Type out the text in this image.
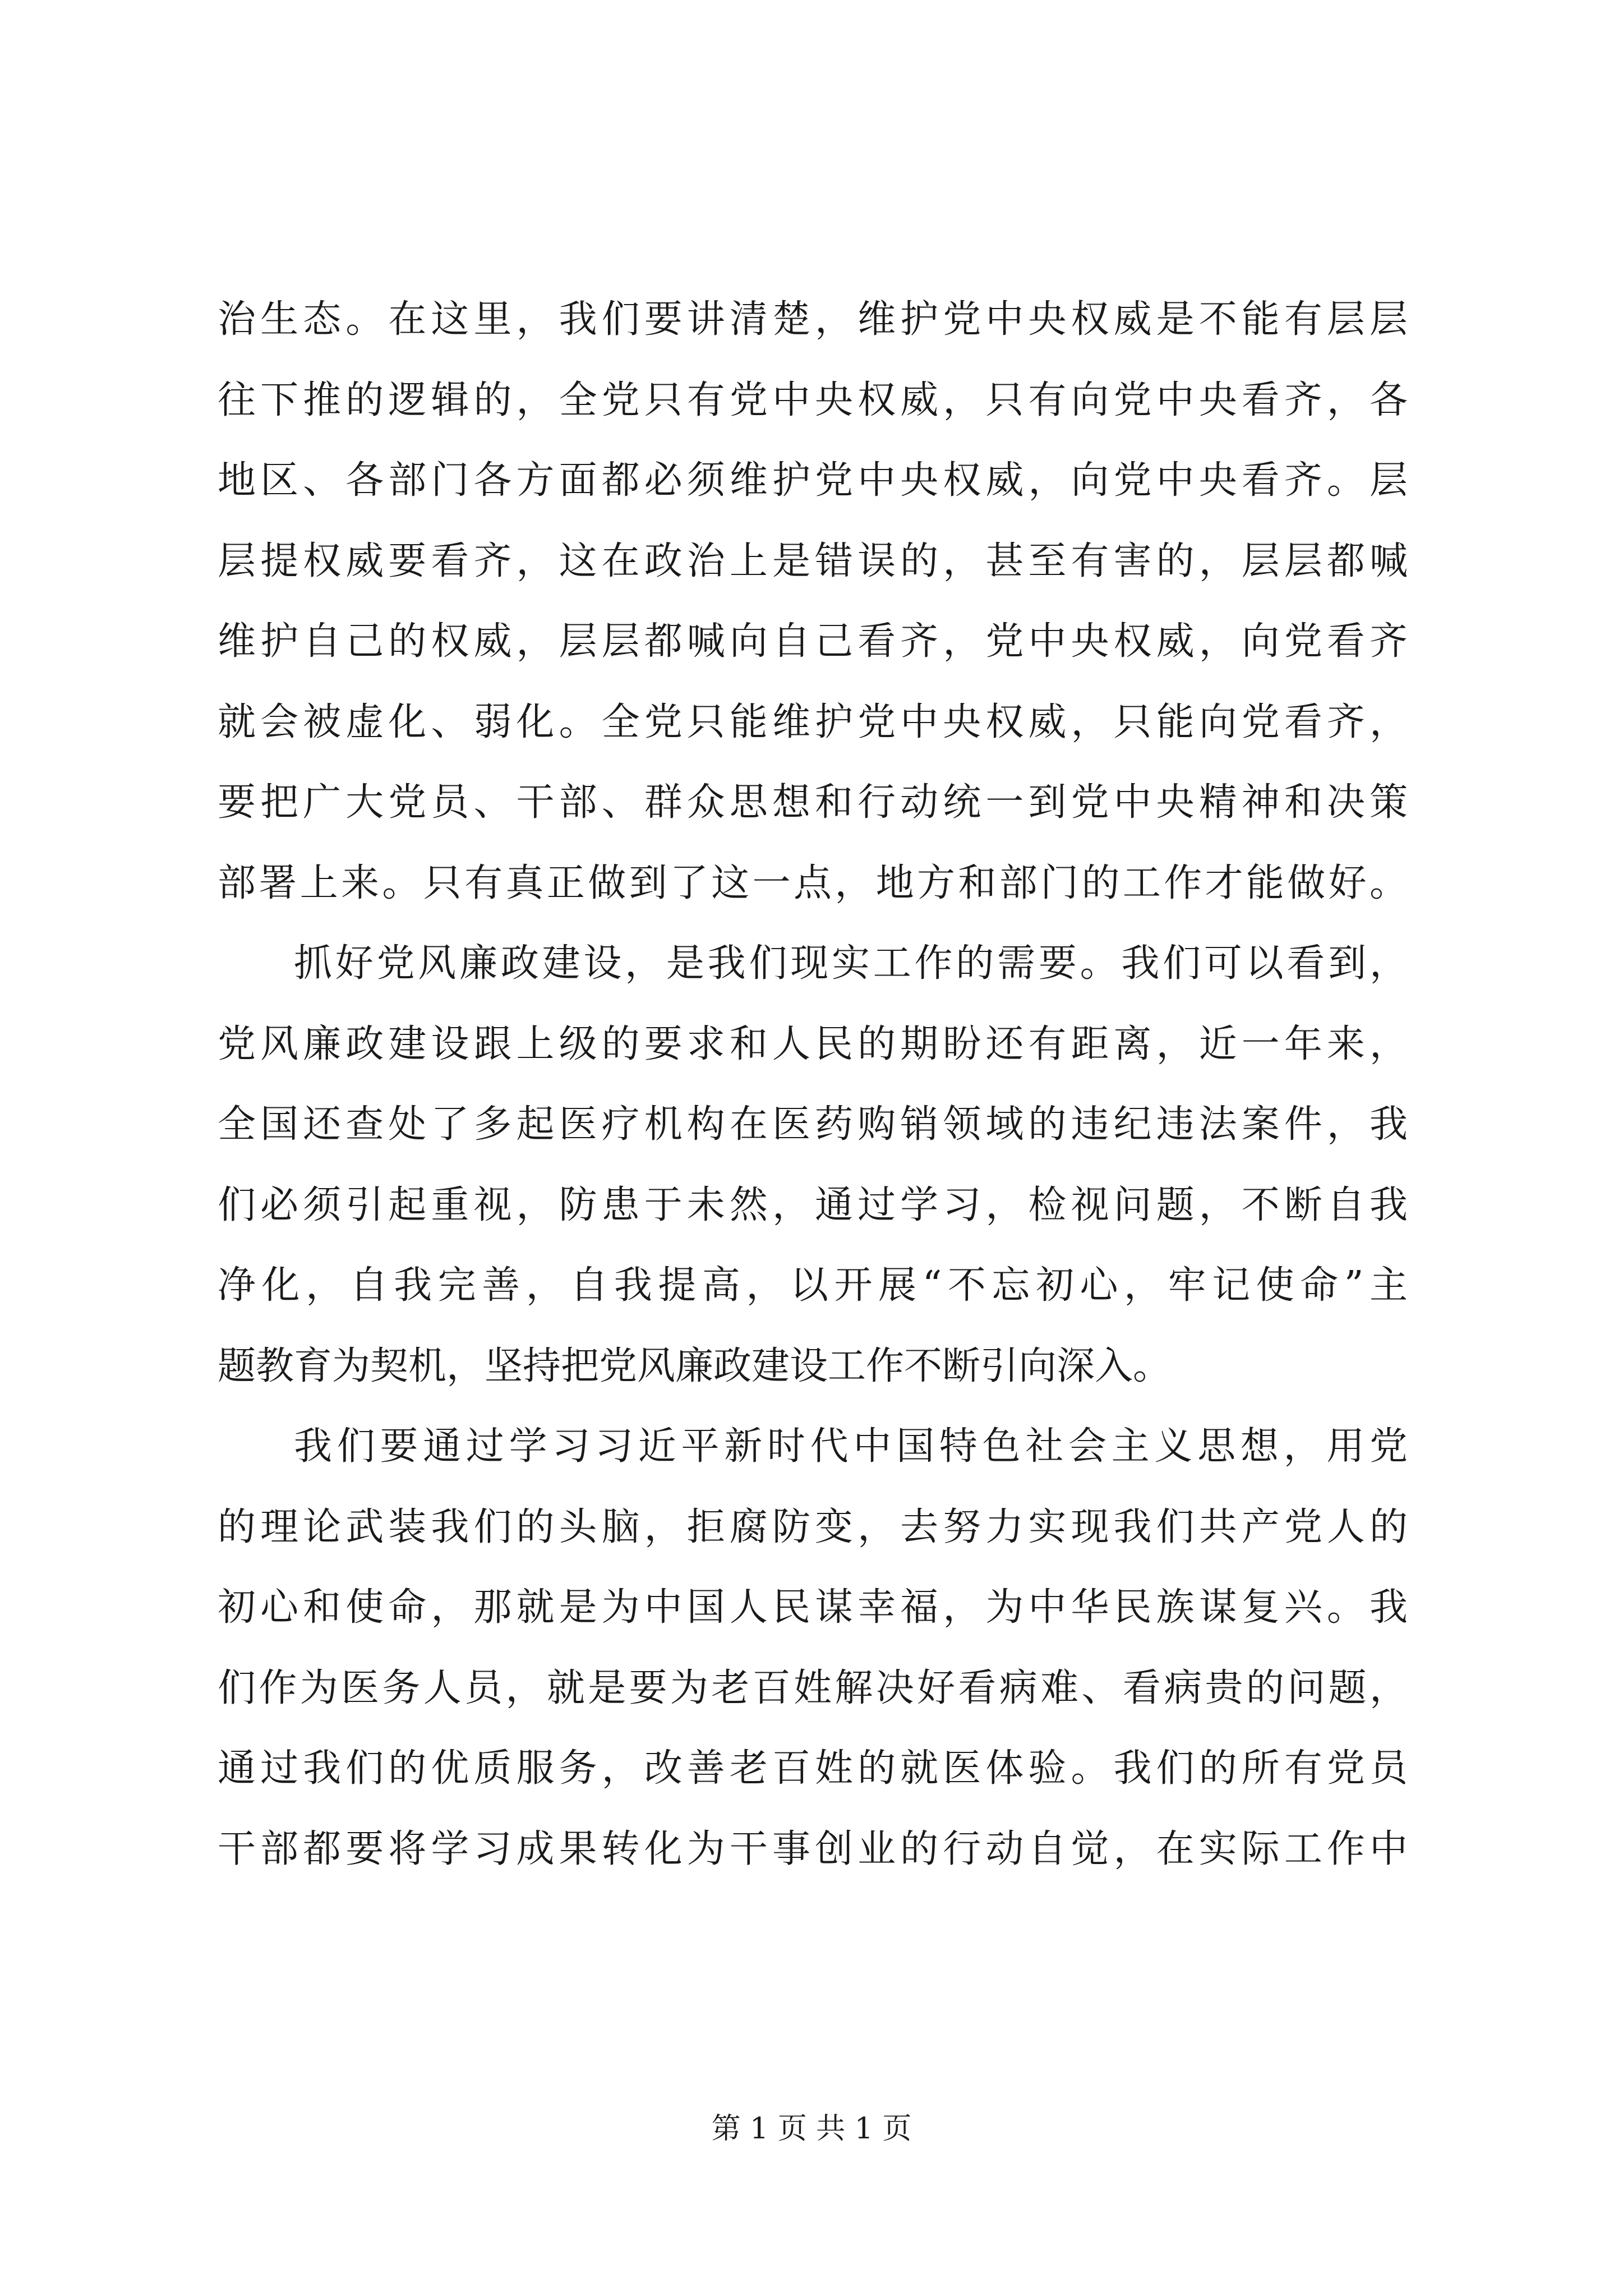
治生态。在这里，我们要讲清楚，维护党中央权威是不能有层层
往下推的逻辑的，全党只有党中央权威，只有向党中央看齐，各
地区、各部门各方面都必须维护党中央权威，向党中央看齐。层
层提权威要看齐，这在政治上是错误的，甚至有害的，层层都喊
维护自己的权威，层层都喊向自己看齐，党中央权威，向党看齐
就会被虚化、弱化。全党只能维护党中央权威，只能向党看齐，
要把广大党员、干部、群众思想和行动统一到党中央精神和决策
部署上来。只有真正做到了这一点，地方和部门的工作才能做好。
抓好党风廉政建设，是我们现实工作的需要。我们可以看到，
党风廉政建设跟上级的要求和人民的期盼还有距离，近一年来，
全国还查处了多起医疗机构在医药购销领域的违纪违法案件，我
们必须引起重视，防患于未然，通过学习，检视问题，不断自我
净化，自我完善，自我提高，以开展“不忘初心，牢记使命”主
题教育为契机，坚持把党风廉政建设工作不断引向深入。
我们要通过学习习近平新时代中国特色社会主义思想，用党
的理论武装我们的头脑，拒腐防变，去努力实现我们共产党人的
初心和使命，那就是为中国人民谋幸福，为中华民族谋复兴。我
们作为医务人员，就是要为老百姓解决好看病难、看病贵的问题，
通过我们的优质服务，改善老百姓的就医体验。我们的所有党员
干部都要将学习成果转化为干事创业的行动自觉，在实际工作中
第 1 页 共 1 页
